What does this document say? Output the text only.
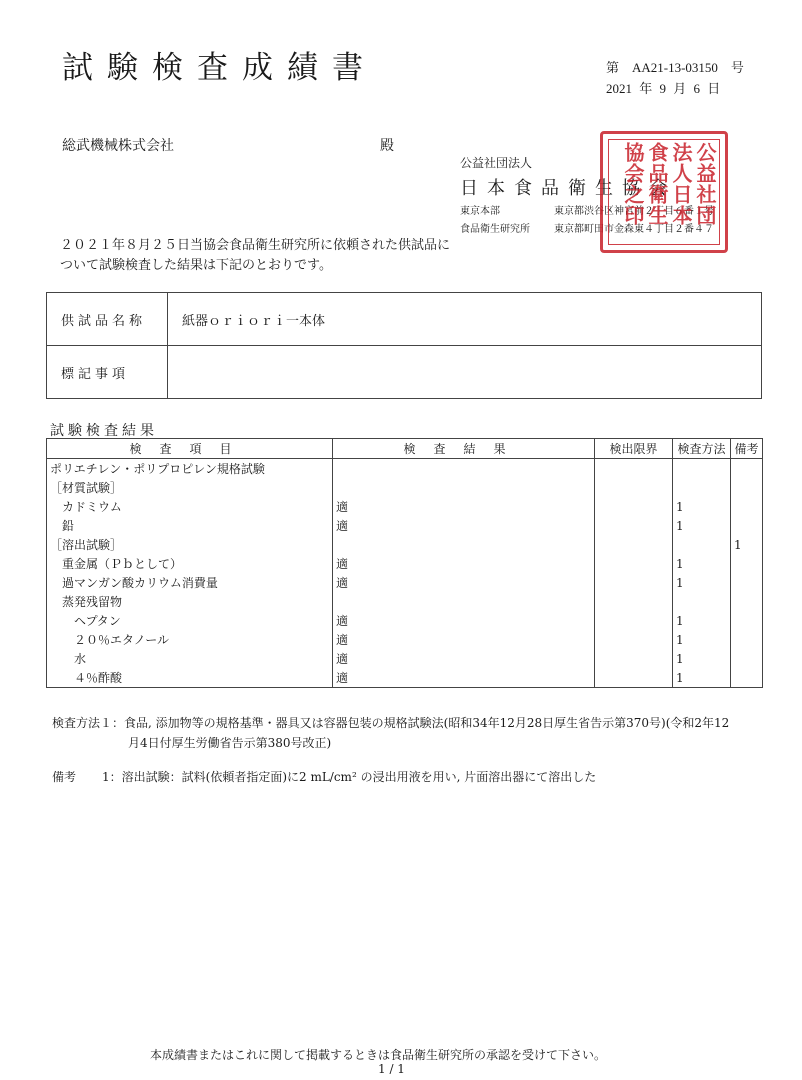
試験検査成績書	第　AA21-13-03150　号
2021 年 9 月 6 日
総武機械株式会社	殿
公益社団法人
日本食品衛生協会
東京本部	東京都渋谷区神宮前２丁目６番１号
食品衛生研究所 東京都町田市金森東４丁目２番４７
公益社団法人日本食品衛生協会之印
２０２１年８月２５日当協会食品衛生研究所に依頼された供試品について試験検査した結果は下記のとおりです。
供試品名称	紙器ｏｒｉｏｒｉ一本体
標記事項	
試験検査結果
検査項目	検査結果	検出限界	検査方法	備考
ポリエチレン・ポリプロピレン規格試験				
［材質試験］				
　カドミウム	適		1	
　鉛	適		1	
［溶出試験］				1
　重金属（Ｐｂとして）	適		1	
　過マンガン酸カリウム消費量	適		1	
　蒸発残留物				
　　ヘプタン	適		1	
　　２０％エタノール	適		1	
　　水	適		1	
　　４％酢酸	適		1	
検査方法１：食品, 添加物等の規格基準・器具又は容器包装の規格試験法(昭和34年12月28日厚生省告示第370号)(令和2年12
月4日付厚生労働省告示第380号改正)
備考 1：溶出試験：試料(依頼者指定面)に2 mL/cm² の浸出用液を用い, 片面溶出器にて溶出した
本成績書またはこれに関して掲載するときは食品衛生研究所の承認を受けて下さい。
1 / 1
